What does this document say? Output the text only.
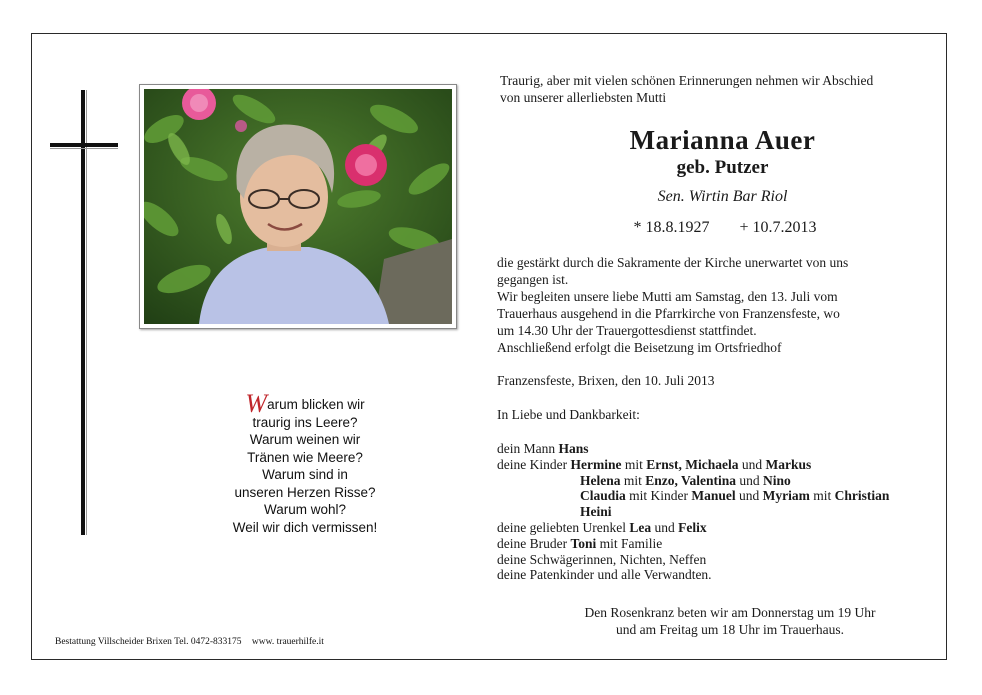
Warum blicken wir
traurig ins Leere?
Warum weinen wir
Tränen wie Meere?
Warum sind in
unseren Herzen Risse?
Warum wohl?
Weil wir dich vermissen!
Bestattung Villscheider Brixen Tel. 0472-833175 www. trauerhilfe.it
Traurig, aber mit vielen schönen Erinnerungen nehmen wir Abschied
von unserer allerliebsten Mutti
Marianna Auer
geb. Putzer
Sen. Wirtin Bar Riol
* 18.8.1927 + 10.7.2013
die gestärkt durch die Sakramente der Kirche unerwartet von uns
gegangen ist.
Wir begleiten unsere liebe Mutti am Samstag, den 13. Juli vom
Trauerhaus ausgehend in die Pfarrkirche von Franzensfeste, wo
um 14.30 Uhr der Trauergottesdienst stattfindet.
Anschließend erfolgt die Beisetzung im Ortsfriedhof
Franzensfeste, Brixen, den 10. Juli 2013
In Liebe und Dankbarkeit:
dein Mann Hans
deine Kinder Hermine mit Ernst, Michaela und Markus
Helena mit Enzo, Valentina und Nino
Claudia mit Kinder Manuel und Myriam mit Christian
Heini
deine geliebten Urenkel Lea und Felix
deine Bruder Toni mit Familie
deine Schwägerinnen, Nichten, Neffen
deine Patenkinder und alle Verwandten.
Den Rosenkranz beten wir am Donnerstag um 19 Uhr
und am Freitag um 18 Uhr im Trauerhaus.
